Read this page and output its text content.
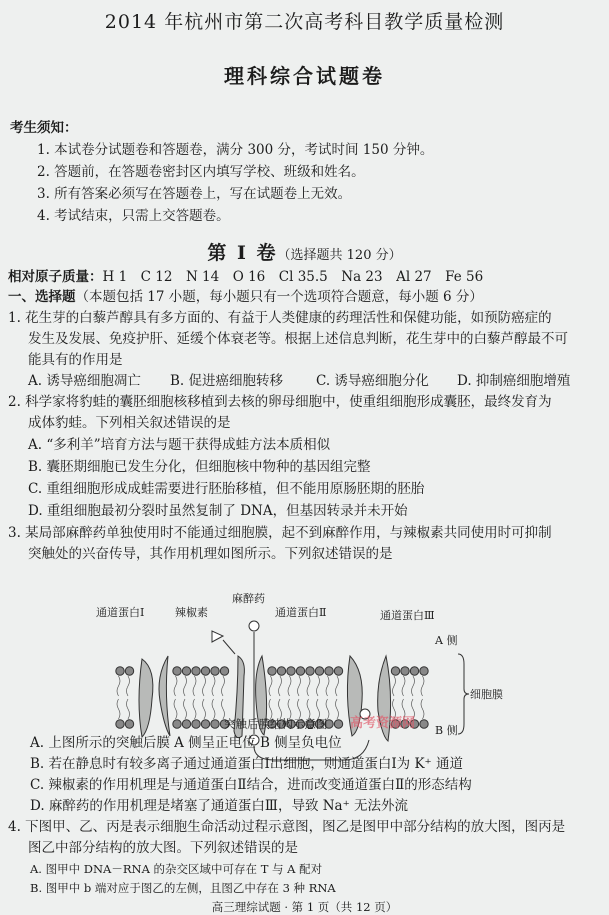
2014 年杭州市第二次高考科目教学质量检测
理科综合试题卷
考生须知：
1. 本试卷分试题卷和答题卷，满分 300 分，考试时间 150 分钟。
2. 答题前，在答题卷密封区内填写学校、班级和姓名。
3. 所有答案必须写在答题卷上，写在试题卷上无效。
4. 考试结束，只需上交答题卷。
第 Ⅰ 卷（选择题共 120 分）
相对原子质量：H 1　C 12　N 14　O 16　Cl 35.5　Na 23　Al 27　Fe 56
一、选择题（本题包括 17 小题，每小题只有一个选项符合题意，每小题 6 分）
1. 花生芽的白藜芦醇具有多方面的、有益于人类健康的药理活性和保健功能，如预防癌症的
发生及发展、免疫护肝、延缓个体衰老等。根据上述信息判断，花生芽中的白藜芦醇最不可
能具有的作用是
A. 诱导癌细胞凋亡 B. 促进癌细胞转移 C. 诱导癌细胞分化 D. 抑制癌细胞增殖
2. 科学家将豹蛙的囊胚细胞核移植到去核的卵母细胞中，使重组细胞形成囊胚，最终发育为
成体豹蛙。下列相关叙述错误的是
A. “多利羊”培育方法与题干获得成蛙方法本质相似
B. 囊胚期细胞已发生分化，但细胞核中物种的基因组完整
C. 重组细胞形成成蛙需要进行胚胎移植，但不能用原肠胚期的胚胎
D. 重组细胞最初分裂时虽然复制了 DNA，但基因转录并未开始
3. 某局部麻醉药单独使用时不能通过细胞膜，起不到麻醉作用，与辣椒素共同使用时可抑制
突触处的兴奋传导，其作用机理如图所示。下列叙述错误的是
通道蛋白Ⅰ	辣椒素
麻醉药
通道蛋白Ⅱ	通道蛋白Ⅲ
A 侧
B 侧
细胞膜
突触后膜结构示意图 高考资源网
A. 上图所示的突触后膜 A 侧呈正电位 B 侧呈负电位
B. 若在静息时有较多离子通过通道蛋白Ⅰ出细胞，则通道蛋白Ⅰ为 K⁺ 通道
C. 辣椒素的作用机理是与通道蛋白Ⅱ结合，进而改变通道蛋白Ⅱ的形态结构
D. 麻醉药的作用机理是堵塞了通道蛋白Ⅲ，导致 Na⁺ 无法外流
4. 下图甲、乙、丙是表示细胞生命活动过程示意图，图乙是图甲中部分结构的放大图，图丙是
图乙中部分结构的放大图。下列叙述错误的是
A. 图甲中 DNA－RNA 的杂交区域中可存在 T 与 A 配对
B. 图甲中 b 端对应于图乙的左侧，且图乙中存在 3 种 RNA
高三理综试题 · 第 1 页（共 12 页）
